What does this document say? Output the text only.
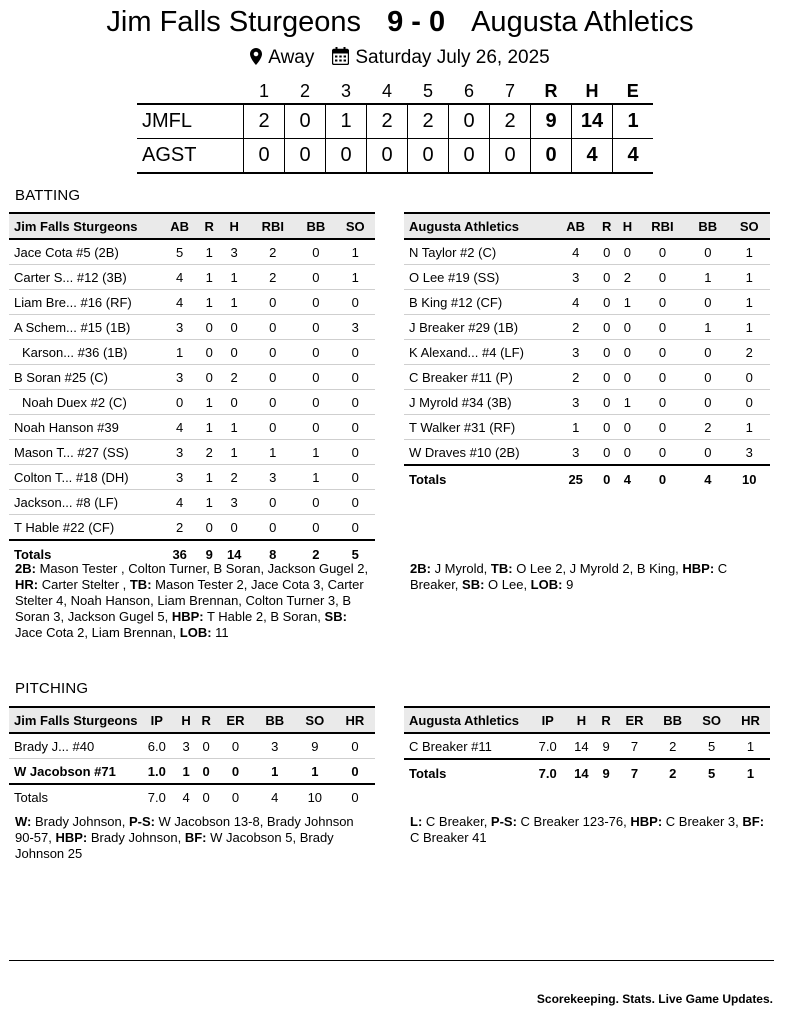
Jim Falls Sturgeons 9 - 0 Augusta Athletics
Away Saturday July 26, 2025
	1	2	3	4	5	6	7	R	H	E
JMFL	2	0	1	2	2	0	2	9	14	1
AGST	0	0	0	0	0	0	0	0	4	4
BATTING
Jim Falls Sturgeons	AB	R	H	RBI	BB	SO
Jace Cota #5 (2B)	5	1	3	2	0	1
Carter S... #12 (3B)	4	1	1	2	0	1
Liam Bre... #16 (RF)	4	1	1	0	0	0
A Schem... #15 (1B)	3	0	0	0	0	3
Karson... #36 (1B)	1	0	0	0	0	0
B Soran #25 (C)	3	0	2	0	0	0
Noah Duex #2 (C)	0	1	0	0	0	0
Noah Hanson #39	4	1	1	0	0	0
Mason T... #27 (SS)	3	2	1	1	1	0
Colton T... #18 (DH)	3	1	2	3	1	0
Jackson... #8 (LF)	4	1	3	0	0	0
T Hable #22 (CF)	2	0	0	0	0	0
Totals	36	9	14	8	2	5
Augusta Athletics	AB	R	H	RBI	BB	SO
N Taylor #2 (C)	4	0	0	0	0	1
O Lee #19 (SS)	3	0	2	0	1	1
B King #12 (CF)	4	0	1	0	0	1
J Breaker #29 (1B)	2	0	0	0	1	1
K Alexand... #4 (LF)	3	0	0	0	0	2
C Breaker #11 (P)	2	0	0	0	0	0
J Myrold #34 (3B)	3	0	1	0	0	0
T Walker #31 (RF)	1	0	0	0	2	1
W Draves #10 (2B)	3	0	0	0	0	3
Totals	25	0	4	0	4	10
2B: Mason Tester , Colton Turner, B Soran, Jackson Gugel 2, HR: Carter Stelter , TB: Mason Tester 2, Jace Cota 3, Carter Stelter 4, Noah Hanson, Liam Brennan, Colton Turner 3, B Soran 3, Jackson Gugel 5, HBP: T Hable 2, B Soran, SB: Jace Cota 2, Liam Brennan, LOB: 11
2B: J Myrold, TB: O Lee 2, J Myrold 2, B King, HBP: C Breaker, SB: O Lee, LOB: 9
PITCHING
Jim Falls Sturgeons	IP	H	R	ER	BB	SO	HR
Brady J... #40	6.0	3	0	0	3	9	0
W Jacobson #71	1.0	1	0	0	1	1	0
Totals	7.0	4	0	0	4	10	0
Augusta Athletics	IP	H	R	ER	BB	SO	HR
C Breaker #11	7.0	14	9	7	2	5	1
Totals	7.0	14	9	7	2	5	1
W: Brady Johnson, P-S: W Jacobson 13-8, Brady Johnson 90-57, HBP: Brady Johnson, BF: W Jacobson 5, Brady Johnson 25
L: C Breaker, P-S: C Breaker 123-76, HBP: C Breaker 3, BF: C Breaker 41
Scorekeeping. Stats. Live Game Updates.
